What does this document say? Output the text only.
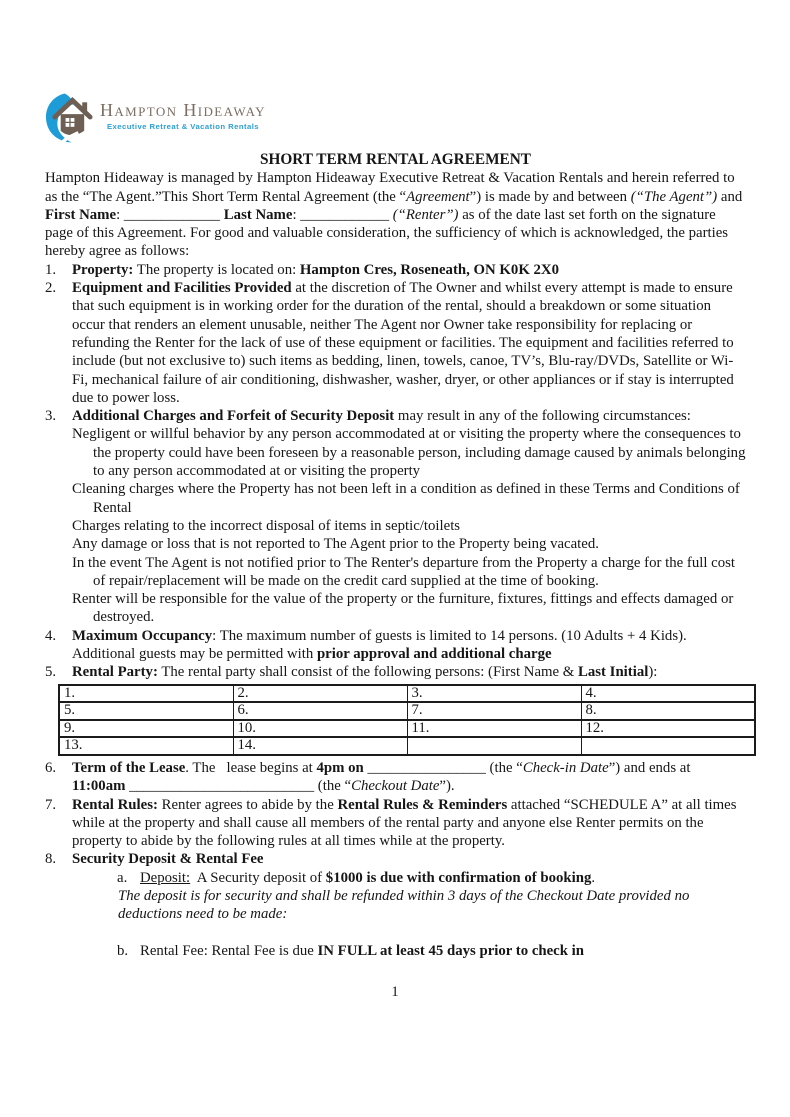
Hampton Hideaway
Executive Retreat & Vacation Rentals
SHORT TERM RENTAL AGREEMENT
Hampton Hideaway is managed by Hampton Hideaway Executive Retreat & Vacation Rentals and herein referred to as the “The Agent.”This Short Term Rental Agreement (the “Agreement”) is made by and between (“The Agent”) and First Name: _____________ Last Name: ____________ (“Renter”) as of the date last set forth on the signature page of this Agreement. For good and valuable consideration, the sufficiency of which is acknowledged, the parties hereby agree as follows:
1.	Property: The property is located on: Hampton Cres, Roseneath, ON K0K 2X0
2.	Equipment and Facilities Provided at the discretion of The Owner and whilst every attempt is made to ensure that such equipment is in working order for the duration of the rental, should a breakdown or some situation occur that renders an element unusable, neither The Agent nor Owner take responsibility for replacing or refunding the Renter for the lack of use of these equipment or facilities. The equipment and facilities referred to include (but not exclusive to) such items as bedding, linen, towels, canoe, TV’s, Blu-ray/DVDs, Satellite or Wi-Fi, mechanical failure of air conditioning, dishwasher, washer, dryer, or other appliances or if stay is interrupted due to power loss.
3.	Additional Charges and Forfeit of Security Deposit may result in any of the following circumstances:
Negligent or willful behavior by any person accommodated at or visiting the property where the consequences to the property could have been foreseen by a reasonable person, including damage caused by animals belonging to any person accommodated at or visiting the property
Cleaning charges where the Property has not been left in a condition as defined in these Terms and Conditions of Rental
Charges relating to the incorrect disposal of items in septic/toilets
Any damage or loss that is not reported to The Agent prior to the Property being vacated.
In the event The Agent is not notified prior to The Renter's departure from the Property a charge for the full cost of repair/replacement will be made on the credit card supplied at the time of booking.
Renter will be responsible for the value of the property or the furniture, fixtures, fittings and effects damaged or destroyed.
4.	Maximum Occupancy: The maximum number of guests is limited to 14 persons. (10 Adults + 4 Kids). Additional guests may be permitted with prior approval and additional charge
5.	Rental Party: The rental party shall consist of the following persons: (First Name & Last Initial):
1.	2.	3.	4.
5.	6.	7.	8.
9.	10.	11.	12.
13.	14.		
6.	Term of the Lease. The   lease begins at 4pm on ________________ (the “Check-in Date”) and ends at 11:00am _________________________ (the “Checkout Date”).
7.	Rental Rules: Renter agrees to abide by the Rental Rules & Reminders attached “SCHEDULE A” at all times while at the property and shall cause all members of the rental party and anyone else Renter permits on the property to abide by the following rules at all times while at the property.
8.	Security Deposit & Rental Fee
a. Deposit:  A Security deposit of $1000 is due with confirmation of booking.
The deposit is for security and shall be refunded within 3 days of the Checkout Date provided no deductions need to be made:
b. Rental Fee: Rental Fee is due IN FULL at least 45 days prior to check in
1
